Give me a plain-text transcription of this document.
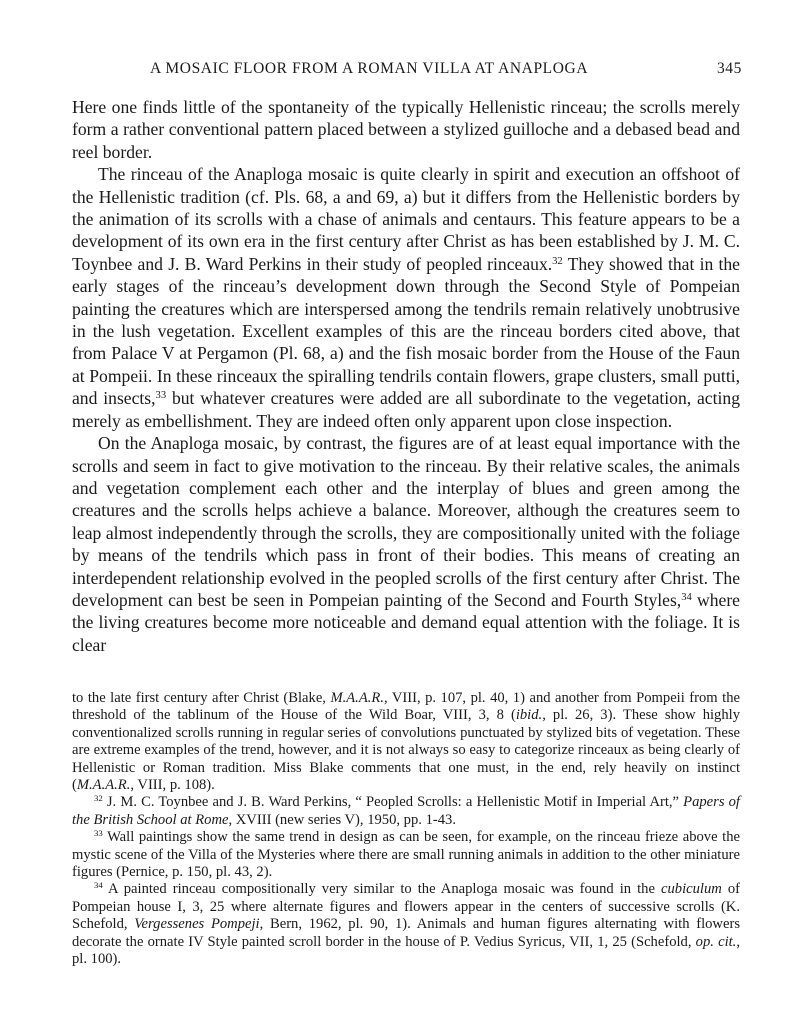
A MOSAIC FLOOR FROM A ROMAN VILLA AT ANAPLOGA	345

Here one finds little of the spontaneity of the typically Hellenistic rinceau; the scrolls merely form a rather conventional pattern placed between a stylized guilloche and a debased bead and reel border.

The rinceau of the Anaploga mosaic is quite clearly in spirit and execution an offshoot of the Hellenistic tradition (cf. Pls. 68, a and 69, a) but it differs from the Hellenistic borders by the animation of its scrolls with a chase of animals and centaurs. This feature appears to be a development of its own era in the first century after Christ as has been established by J. M. C. Toynbee and J. B. Ward Perkins in their study of peopled rinceaux.$^{32}$ They showed that in the early stages of the rinceau’s development down through the Second Style of Pompeian painting the creatures which are interspersed among the tendrils remain relatively unobtrusive in the lush vegetation. Excellent examples of this are the rinceau borders cited above, that from Palace V at Pergamon (Pl. 68, a) and the fish mosaic border from the House of the Faun at Pompeii. In these rinceaux the spiralling tendrils contain flowers, grape clusters, small putti, and insects,$^{33}$ but whatever creatures were added are all subordinate to the vegetation, acting merely as embellishment. They are indeed often only apparent upon close inspection.

On the Anaploga mosaic, by contrast, the figures are of at least equal importance with the scrolls and seem in fact to give motivation to the rinceau. By their relative scales, the animals and vegetation complement each other and the interplay of blues and green among the creatures and the scrolls helps achieve a balance. Moreover, although the creatures seem to leap almost independently through the scrolls, they are compositionally united with the foliage by means of the tendrils which pass in front of their bodies. This means of creating an interdependent relationship evolved in the peopled scrolls of the first century after Christ. The development can best be seen in Pompeian painting of the Second and Fourth Styles,$^{34}$ where the living creatures become more noticeable and demand equal attention with the foliage. It is clear

to the late first century after Christ (Blake, M.A.A.R., VIII, p. 107, pl. 40, 1) and another from Pompeii from the threshold of the tablinum of the House of the Wild Boar, VIII, 3, 8 (ibid., pl. 26, 3). These show highly conventionalized scrolls running in regular series of convolutions punctuated by stylized bits of vegetation. These are extreme examples of the trend, however, and it is not always so easy to categorize rinceaux as being clearly of Hellenistic or Roman tradition. Miss Blake comments that one must, in the end, rely heavily on instinct (M.A.A.R., VIII, p. 108).

$^{32}$ J. M. C. Toynbee and J. B. Ward Perkins, “ Peopled Scrolls: a Hellenistic Motif in Imperial Art,” Papers of the British School at Rome, XVIII (new series V), 1950, pp. 1-43.

$^{33}$ Wall paintings show the same trend in design as can be seen, for example, on the rinceau frieze above the mystic scene of the Villa of the Mysteries where there are small running animals in addition to the other miniature figures (Pernice, p. 150, pl. 43, 2).

$^{34}$ A painted rinceau compositionally very similar to the Anaploga mosaic was found in the cubiculum of Pompeian house I, 3, 25 where alternate figures and flowers appear in the centers of successive scrolls (K. Schefold, Vergessenes Pompeji, Bern, 1962, pl. 90, 1). Animals and human figures alternating with flowers decorate the ornate IV Style painted scroll border in the house of P. Vedius Syricus, VII, 1, 25 (Schefold, op. cit., pl. 100).
